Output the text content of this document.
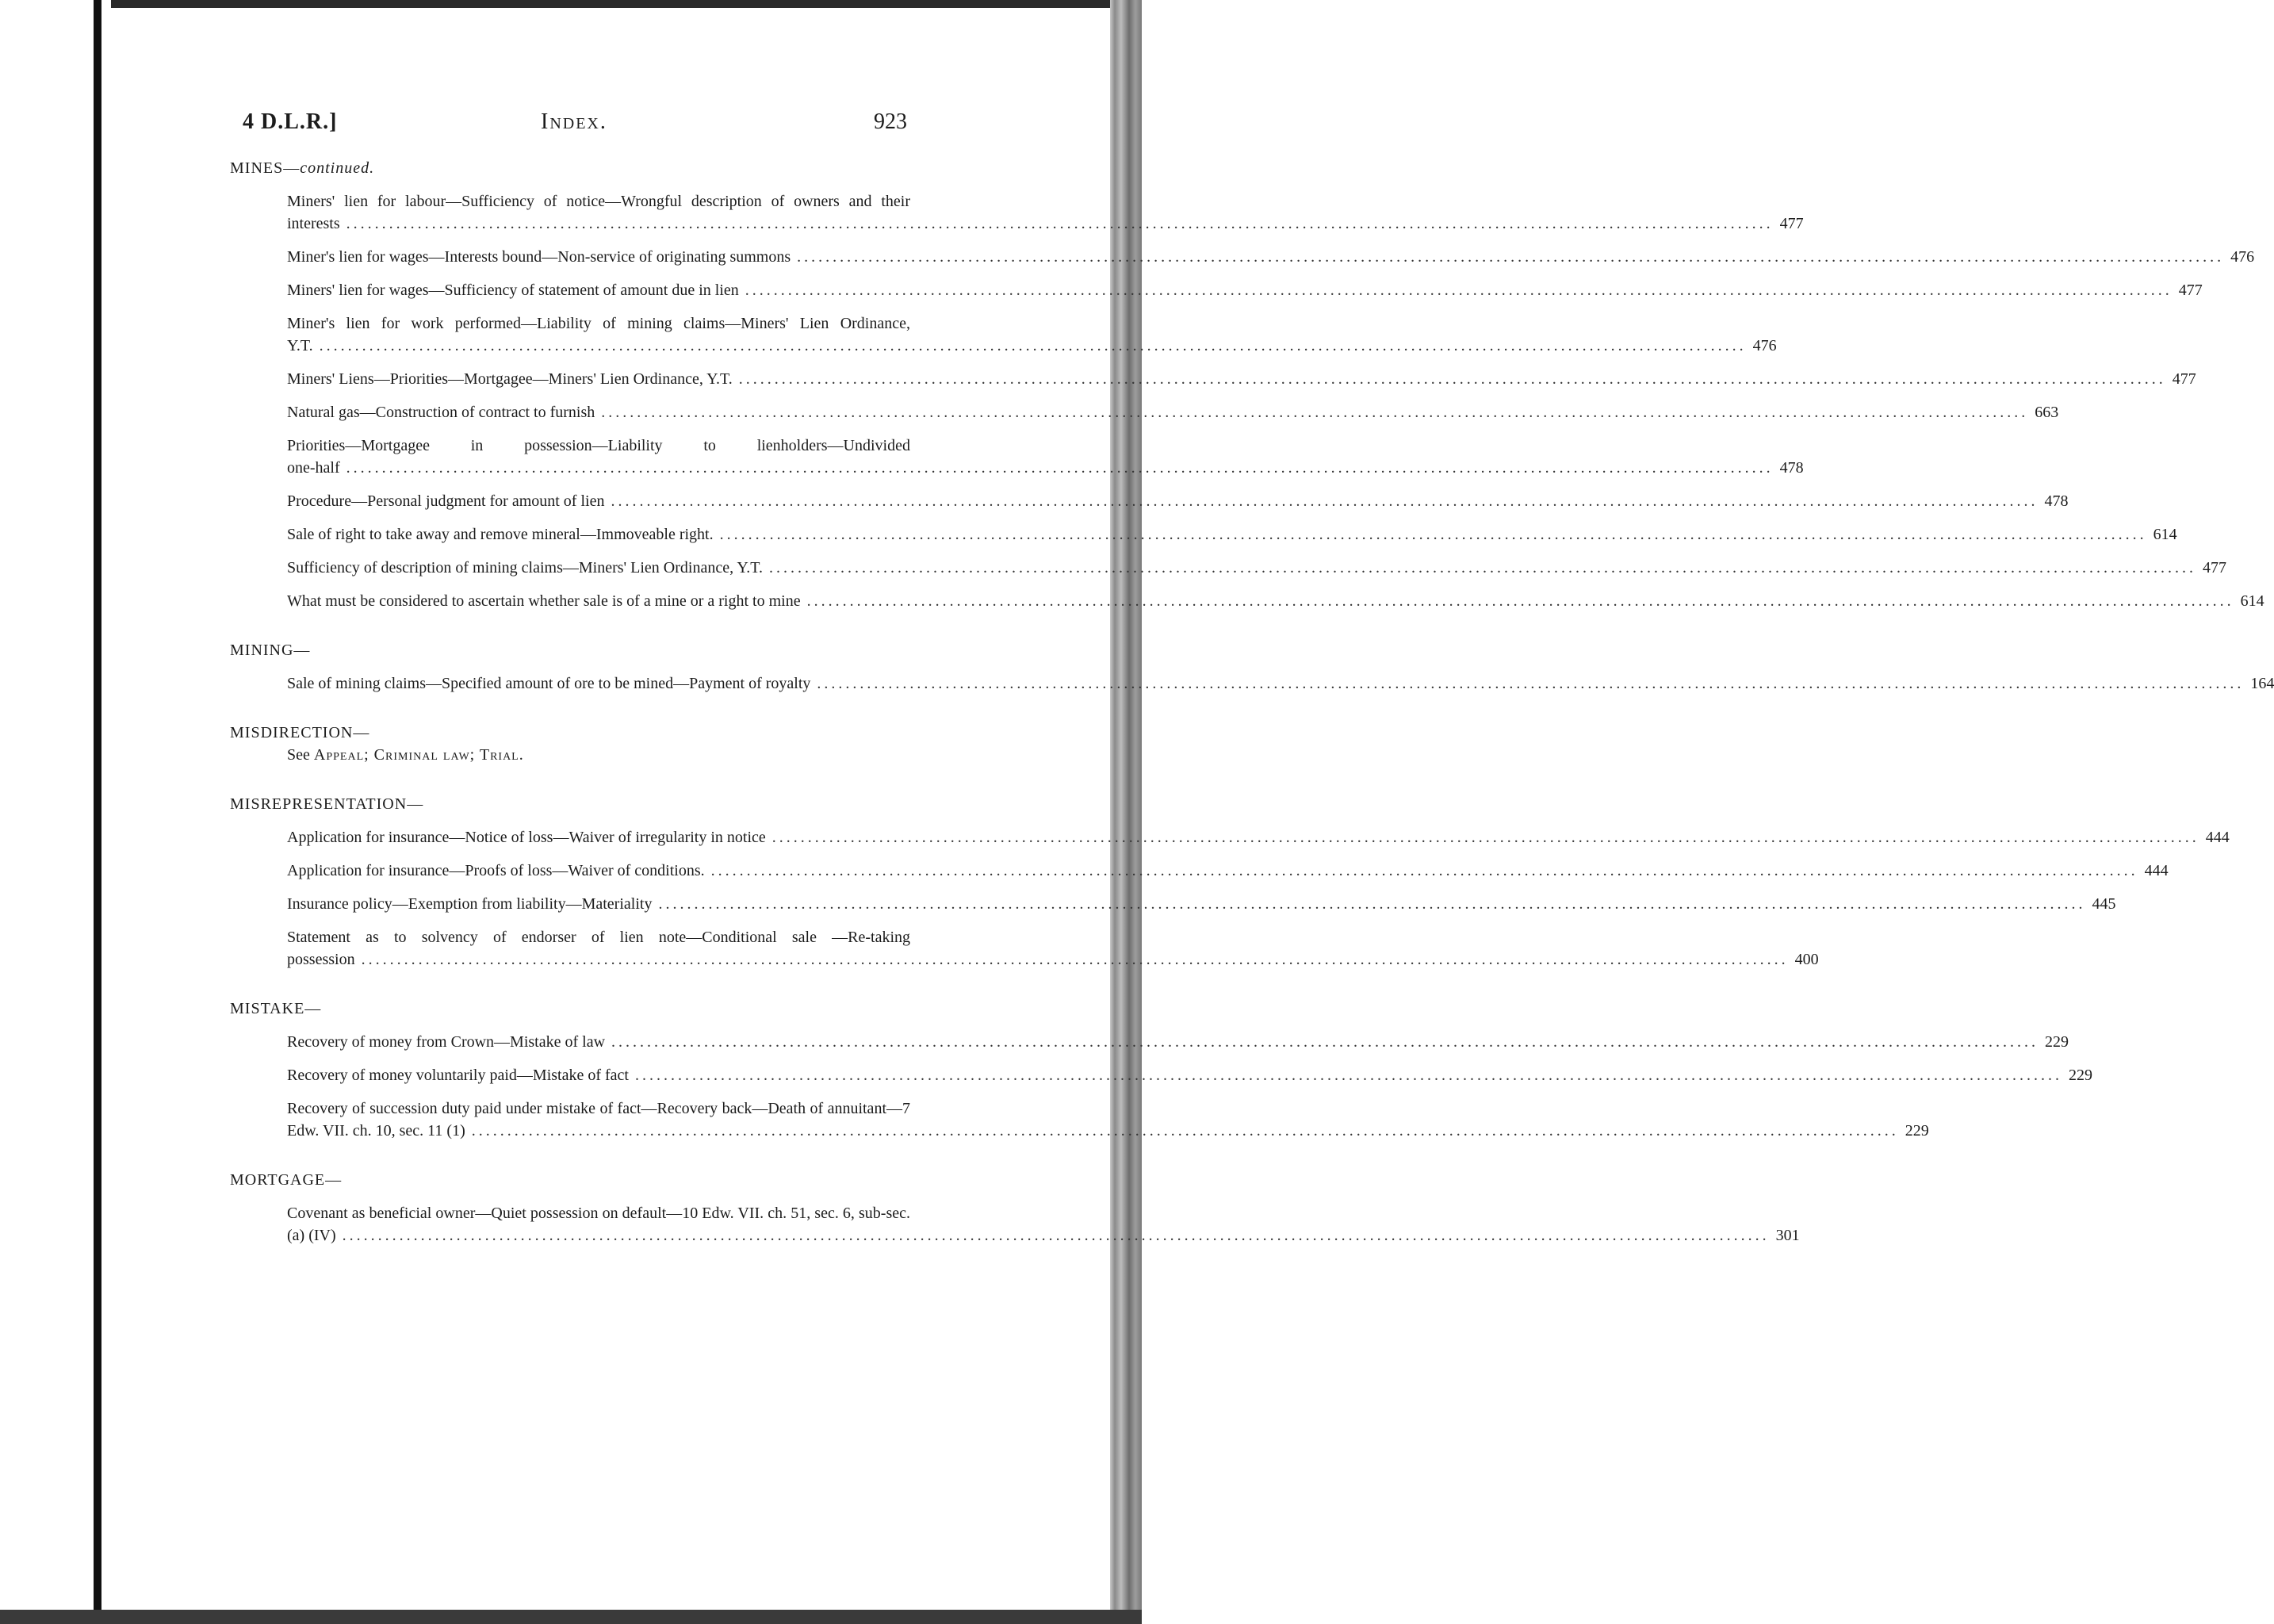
4 D.L.R.]	Index.	923
MINES—continued.
Miners' lien for labour—Sufficiency of notice—Wrongful description of owners and their
interests ........................................................................................................................................................................................................ 477
Miner's lien for wages—Interests bound—Non-service of originating summons ........................................................................................................................................................................................................ 476
Miners' lien for wages—Sufficiency of statement of amount due in lien ........................................................................................................................................................................................................ 477
Miner's lien for work performed—Liability of mining claims—Miners' Lien Ordinance,
Y.T. ........................................................................................................................................................................................................ 476
Miners' Liens—Priorities—Mortgagee—Miners' Lien Ordinance, Y.T. ........................................................................................................................................................................................................ 477
Natural gas—Construction of contract to furnish ........................................................................................................................................................................................................ 663
Priorities—Mortgagee in possession—Liability to lienholders—Undivided
one-half ........................................................................................................................................................................................................ 478
Procedure—Personal judgment for amount of lien ........................................................................................................................................................................................................ 478
Sale of right to take away and remove mineral—Immoveable right. ........................................................................................................................................................................................................ 614
Sufficiency of description of mining claims—Miners' Lien Ordinance, Y.T. ........................................................................................................................................................................................................ 477
What must be considered to ascertain whether sale is of a mine or a right to mine ........................................................................................................................................................................................................ 614
MINING—
Sale of mining claims—Specified amount of ore to be mined—Payment of royalty ........................................................................................................................................................................................................ 164
MISDIRECTION—
See Appeal; Criminal law; Trial.
MISREPRESENTATION—
Application for insurance—Notice of loss—Waiver of irregularity in notice ........................................................................................................................................................................................................ 444
Application for insurance—Proofs of loss—Waiver of conditions. ........................................................................................................................................................................................................ 444
Insurance policy—Exemption from liability—Materiality ........................................................................................................................................................................................................ 445
Statement as to solvency of endorser of lien note—Conditional sale —Re-taking
possession ........................................................................................................................................................................................................ 400
MISTAKE—
Recovery of money from Crown—Mistake of law ........................................................................................................................................................................................................ 229
Recovery of money voluntarily paid—Mistake of fact ........................................................................................................................................................................................................ 229
Recovery of succession duty paid under mistake of fact—Recovery back—Death of annuitant—7
Edw. VII. ch. 10, sec. 11 (1) ........................................................................................................................................................................................................ 229
MORTGAGE—
Covenant as beneficial owner—Quiet possession on default—10 Edw. VII. ch. 51, sec. 6, sub-sec.
(a) (IV) ........................................................................................................................................................................................................ 301
